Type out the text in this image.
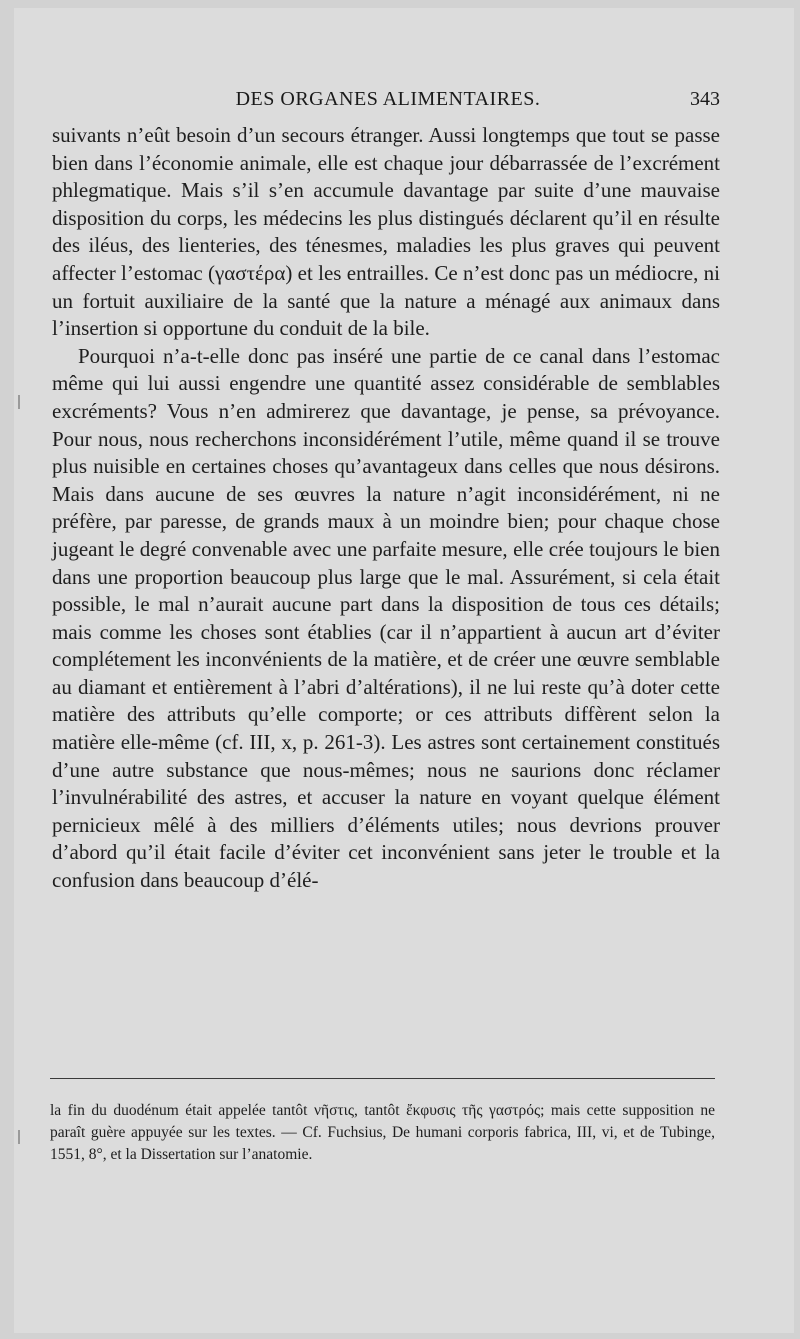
DES ORGANES ALIMENTAIRES.	343

suivants n’eût besoin d’un secours étranger. Aussi longtemps que tout se passe bien dans l’économie animale, elle est chaque jour débarrassée de l’excrément phlegmatique. Mais s’il s’en accumule davantage par suite d’une mauvaise disposition du corps, les médecins les plus distingués déclarent qu’il en résulte des iléus, des lienteries, des ténesmes, maladies les plus graves qui peuvent affecter l’estomac (γαστέρα) et les entrailles. Ce n’est donc pas un médiocre, ni un fortuit auxiliaire de la santé que la nature a ménagé aux animaux dans l’insertion si opportune du conduit de la bile.

Pourquoi n’a-t-elle donc pas inséré une partie de ce canal dans l’estomac même qui lui aussi engendre une quantité assez considérable de semblables excréments? Vous n’en admirerez que davantage, je pense, sa prévoyance. Pour nous, nous recherchons inconsidérément l’utile, même quand il se trouve plus nuisible en certaines choses qu’avantageux dans celles que nous désirons. Mais dans aucune de ses œuvres la nature n’agit inconsidérément, ni ne préfère, par paresse, de grands maux à un moindre bien; pour chaque chose jugeant le degré convenable avec une parfaite mesure, elle crée toujours le bien dans une proportion beaucoup plus large que le mal. Assurément, si cela était possible, le mal n’aurait aucune part dans la disposition de tous ces détails; mais comme les choses sont établies (car il n’appartient à aucun art d’éviter complétement les inconvénients de la matière, et de créer une œuvre semblable au diamant et entièrement à l’abri d’altérations), il ne lui reste qu’à doter cette matière des attributs qu’elle comporte; or ces attributs diffèrent selon la matière elle-même (cf. III, x, p. 261-3). Les astres sont certainement constitués d’une autre substance que nous-mêmes; nous ne saurions donc réclamer l’invulnérabilité des astres, et accuser la nature en voyant quelque élément pernicieux mêlé à des milliers d’éléments utiles; nous devrions prouver d’abord qu’il était facile d’éviter cet inconvénient sans jeter le trouble et la confusion dans beaucoup d’élé-

la fin du duodénum était appelée tantôt νῆστις, tantôt ἔκφυσις τῆς γαστρός; mais cette supposition ne paraît guère appuyée sur les textes. — Cf. Fuchsius, De humani corporis fabrica, III, vi, et de Tubinge, 1551, 8°, et la Dissertation sur l’anatomie.
